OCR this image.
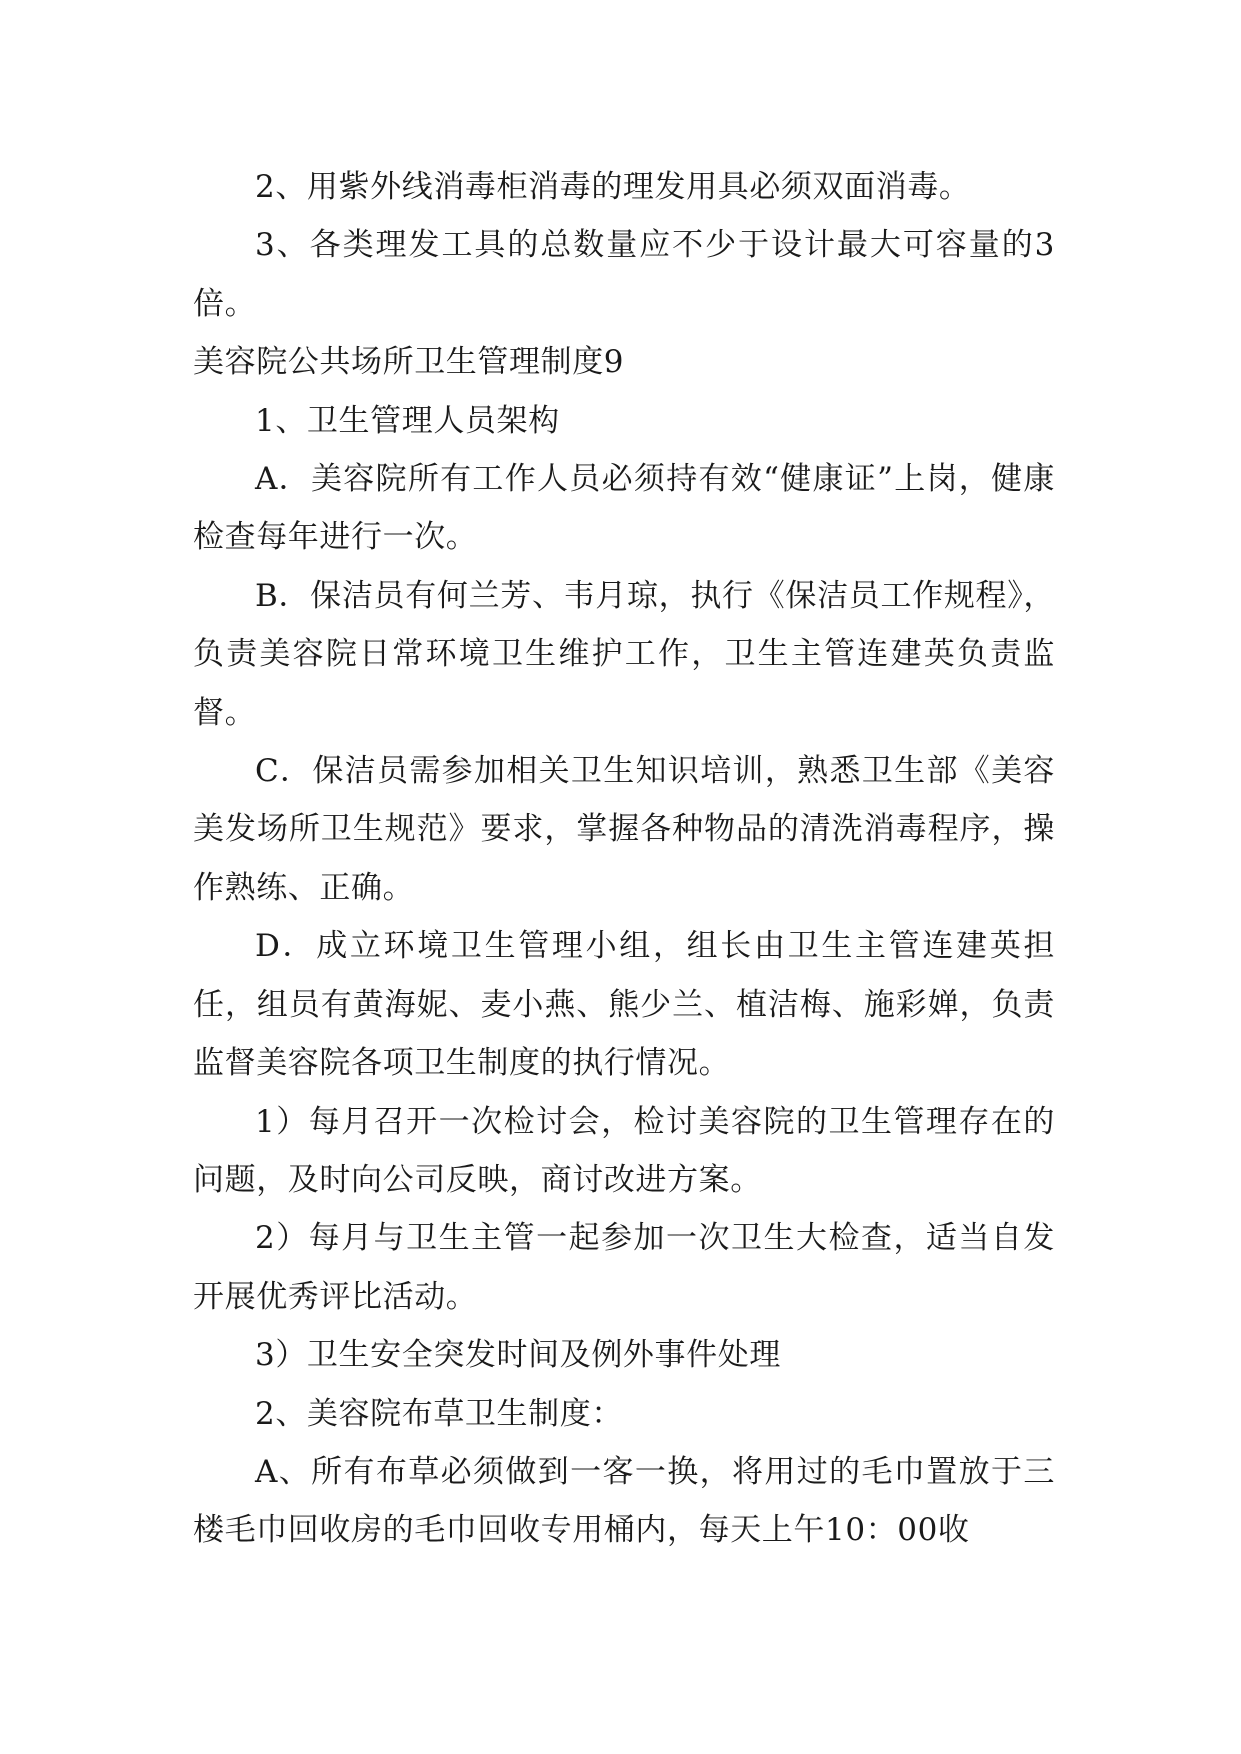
2、用紫外线消毒柜消毒的理发用具必须双面消毒。

3、各类理发工具的总数量应不少于设计最大可容量的3倍。

美容院公共场所卫生管理制度9

1、卫生管理人员架构

A．美容院所有工作人员必须持有效“健康证”上岗，健康检查每年进行一次。

B．保洁员有何兰芳、韦月琼，执行《保洁员工作规程》，负责美容院日常环境卫生维护工作，卫生主管连建英负责监督。

C．保洁员需参加相关卫生知识培训，熟悉卫生部《美容美发场所卫生规范》要求，掌握各种物品的清洗消毒程序，操作熟练、正确。

D．成立环境卫生管理小组，组长由卫生主管连建英担任，组员有黄海妮、麦小燕、熊少兰、植洁梅、施彩婵，负责监督美容院各项卫生制度的执行情况。

1）每月召开一次检讨会，检讨美容院的卫生管理存在的问题，及时向公司反映，商讨改进方案。

2）每月与卫生主管一起参加一次卫生大检查，适当自发开展优秀评比活动。

3）卫生安全突发时间及例外事件处理

2、美容院布草卫生制度：

A、所有布草必须做到一客一换，将用过的毛巾置放于三楼毛巾回收房的毛巾回收专用桶内，每天上午10：00收
